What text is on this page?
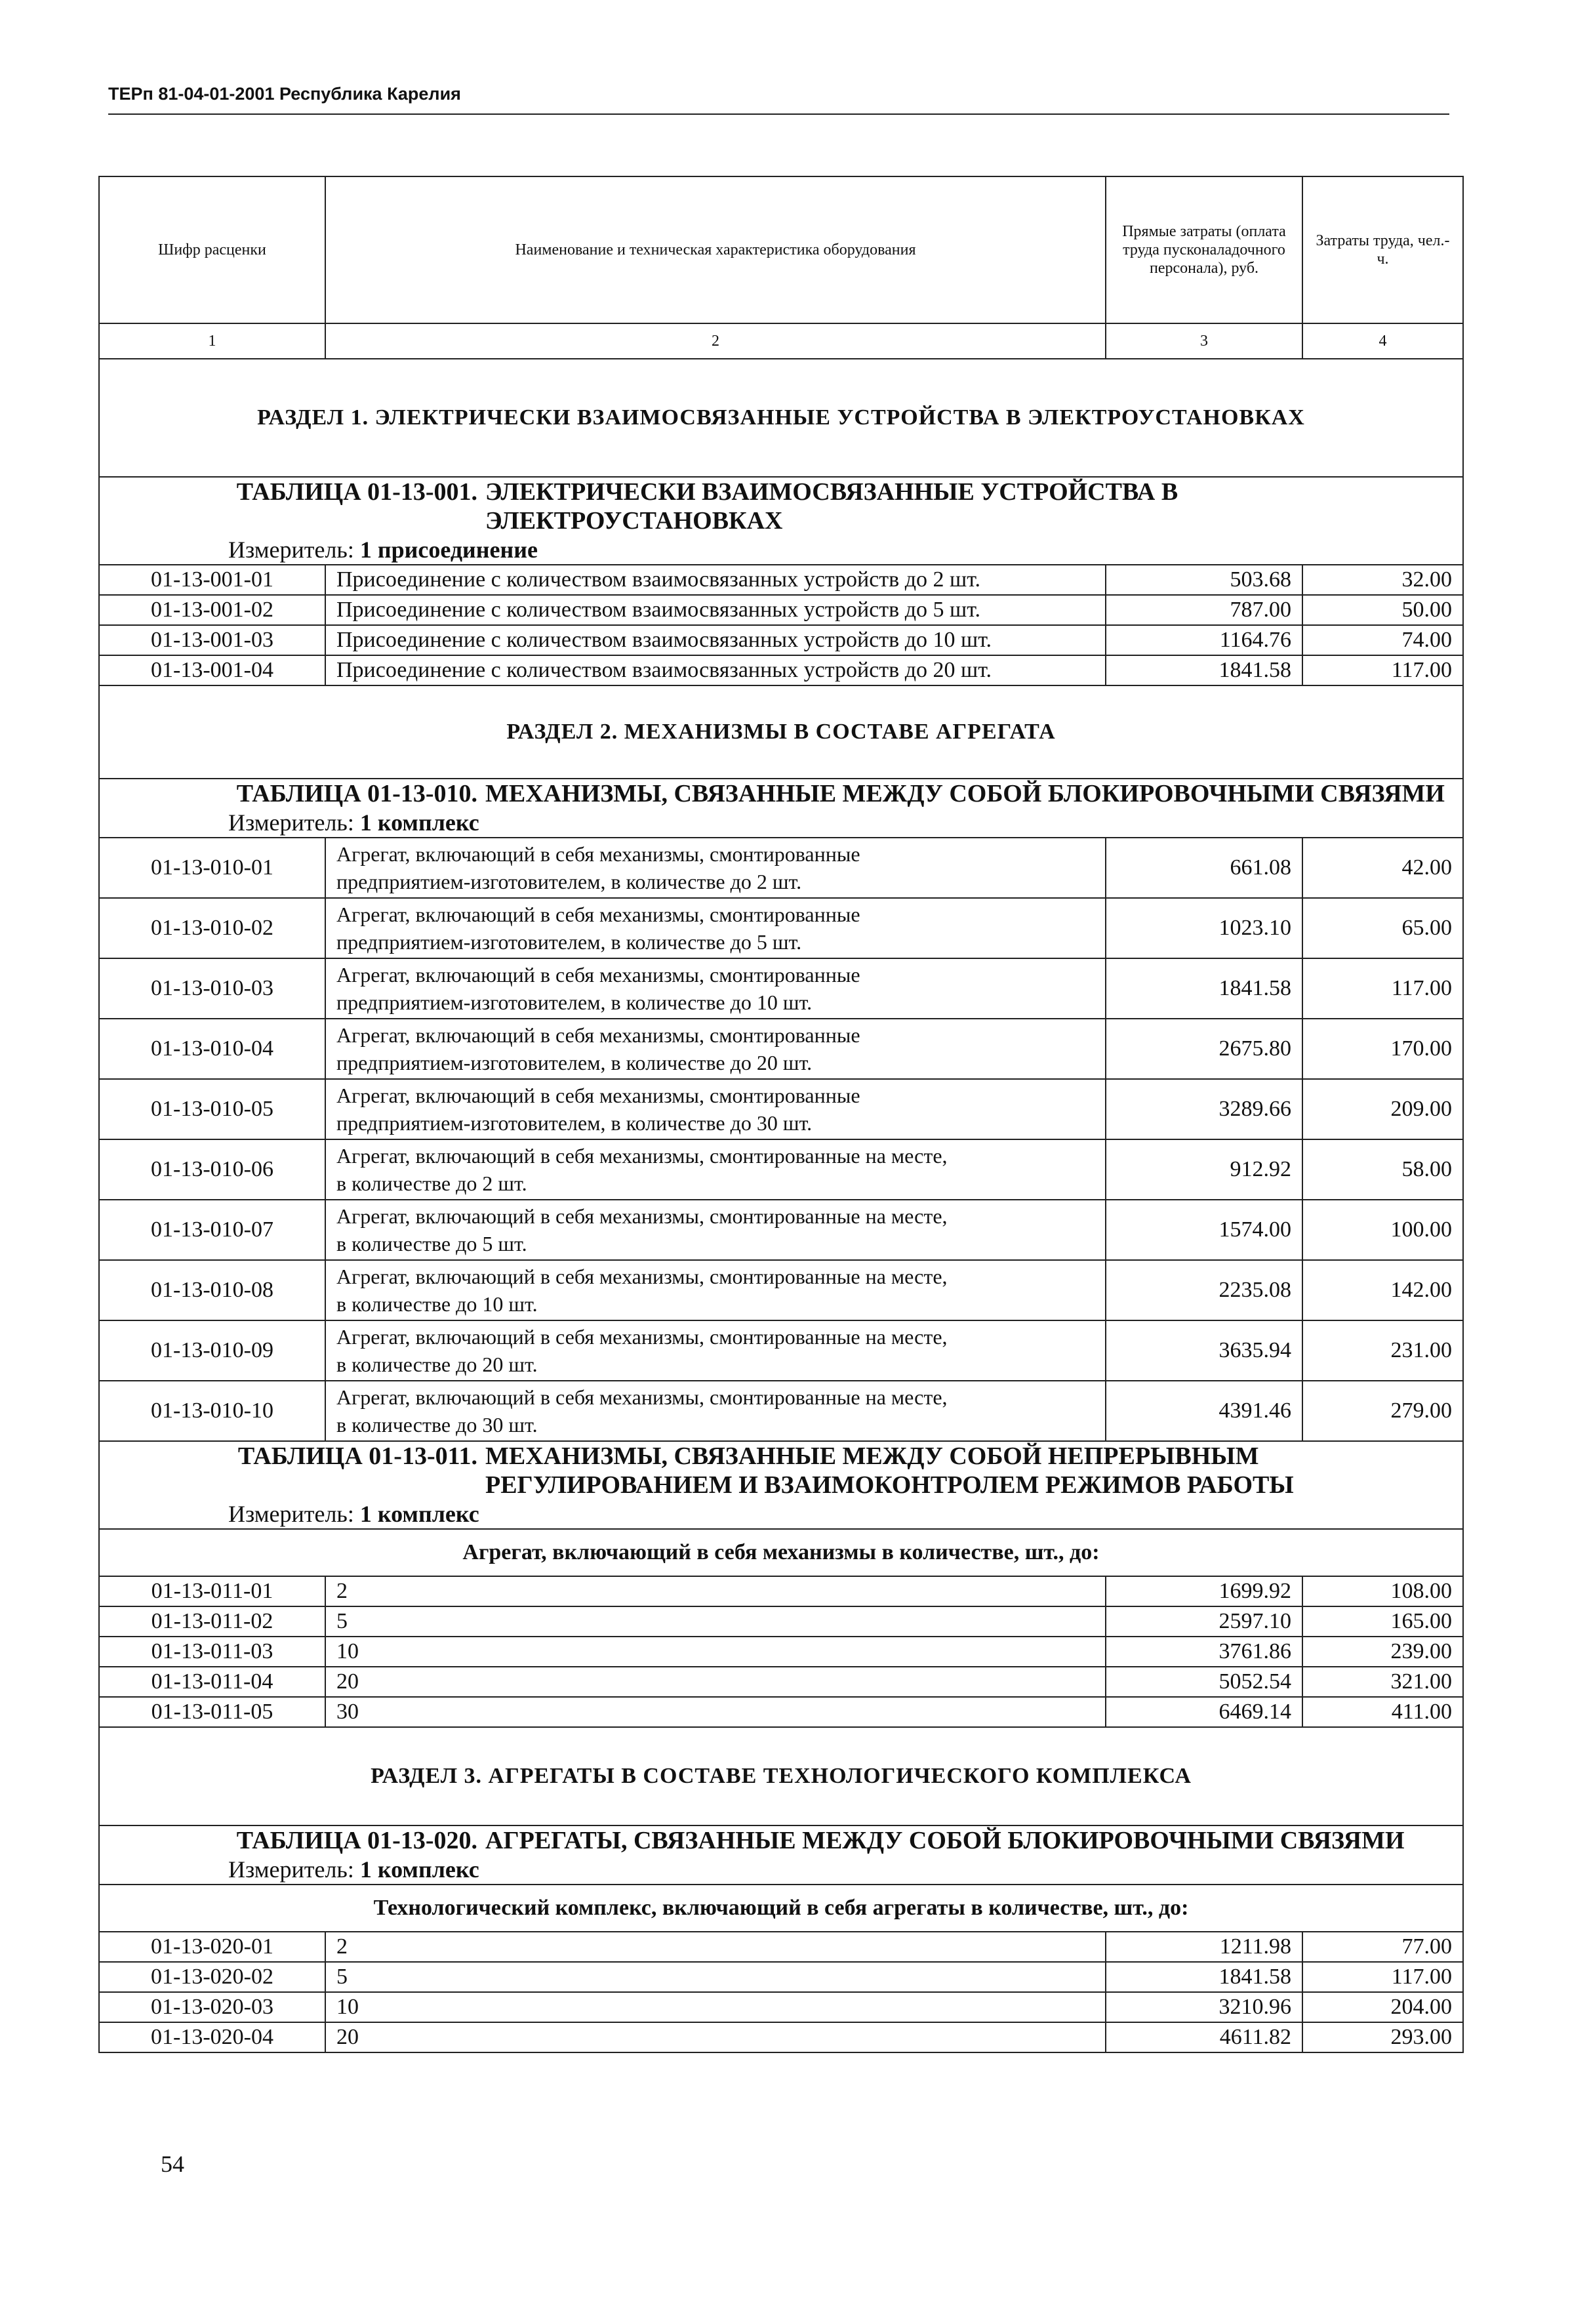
ТЕРп 81-04-01-2001 Республика Карелия
Шифр расценки	Наименование и техническая характеристика оборудования	Прямые затраты (оплата труда пусконаладочного персонала), руб.	Затраты труда, чел.-ч.
1	2	3	4
РАЗДЕЛ 1. ЭЛЕКТРИЧЕСКИ ВЗАИМОСВЯЗАННЫЕ УСТРОЙСТВА В ЭЛЕКТРОУСТАНОВКАХ			

ТАБЛИЦА 01-13-001. ЭЛЕКТРИЧЕСКИ ВЗАИМОСВЯЗАННЫЕ УСТРОЙСТВА В ЭЛЕКТРОУСТАНОВКАХ
Измеритель: 1 присоединение			

01-13-001-01	Присоединение с количеством взаимосвязанных устройств до 2 шт.	503.68	32.00
01-13-001-02	Присоединение с количеством взаимосвязанных устройств до 5 шт.	787.00	50.00
01-13-001-03	Присоединение с количеством взаимосвязанных устройств до 10 шт.	1164.76	74.00
01-13-001-04	Присоединение с количеством взаимосвязанных устройств до 20 шт.	1841.58	117.00
РАЗДЕЛ 2. МЕХАНИЗМЫ В СОСТАВЕ АГРЕГАТА			

ТАБЛИЦА 01-13-010. МЕХАНИЗМЫ, СВЯЗАННЫЕ МЕЖДУ СОБОЙ БЛОКИРОВОЧНЫМИ СВЯЗЯМИ
Измеритель: 1 комплекс			

01-13-010-01	Агрегат, включающий в себя механизмы, смонтированные
предприятием-изготовителем, в количестве до 2 шт.	661.08	42.00
01-13-010-02	Агрегат, включающий в себя механизмы, смонтированные
предприятием-изготовителем, в количестве до 5 шт.	1023.10	65.00
01-13-010-03	Агрегат, включающий в себя механизмы, смонтированные
предприятием-изготовителем, в количестве до 10 шт.	1841.58	117.00
01-13-010-04	Агрегат, включающий в себя механизмы, смонтированные
предприятием-изготовителем, в количестве до 20 шт.	2675.80	170.00
01-13-010-05	Агрегат, включающий в себя механизмы, смонтированные
предприятием-изготовителем, в количестве до 30 шт.	3289.66	209.00
01-13-010-06	Агрегат, включающий в себя механизмы, смонтированные на месте,
в количестве до 2 шт.	912.92	58.00
01-13-010-07	Агрегат, включающий в себя механизмы, смонтированные на месте,
в количестве до 5 шт.	1574.00	100.00
01-13-010-08	Агрегат, включающий в себя механизмы, смонтированные на месте,
в количестве до 10 шт.	2235.08	142.00
01-13-010-09	Агрегат, включающий в себя механизмы, смонтированные на месте,
в количестве до 20 шт.	3635.94	231.00
01-13-010-10	Агрегат, включающий в себя механизмы, смонтированные на месте,
в количестве до 30 шт.	4391.46	279.00

ТАБЛИЦА 01-13-011. МЕХАНИЗМЫ, СВЯЗАННЫЕ МЕЖДУ СОБОЙ НЕПРЕРЫВНЫМ РЕГУЛИРОВАНИЕМ И ВЗАИМОКОНТРОЛЕМ РЕЖИМОВ РАБОТЫ
Измеритель: 1 комплекс			

Агрегат, включающий в себя механизмы в количестве, шт., до:			
01-13-011-01	2	1699.92	108.00
01-13-011-02	5	2597.10	165.00
01-13-011-03	10	3761.86	239.00
01-13-011-04	20	5052.54	321.00
01-13-011-05	30	6469.14	411.00
РАЗДЕЛ 3. АГРЕГАТЫ В СОСТАВЕ ТЕХНОЛОГИЧЕСКОГО КОМПЛЕКСА			

ТАБЛИЦА 01-13-020. АГРЕГАТЫ, СВЯЗАННЫЕ МЕЖДУ СОБОЙ БЛОКИРОВОЧНЫМИ СВЯЗЯМИ
Измеритель: 1 комплекс			

Технологический комплекс, включающий в себя агрегаты в количестве, шт., до:			
01-13-020-01	2	1211.98	77.00
01-13-020-02	5	1841.58	117.00
01-13-020-03	10	3210.96	204.00
01-13-020-04	20	4611.82	293.00
54
